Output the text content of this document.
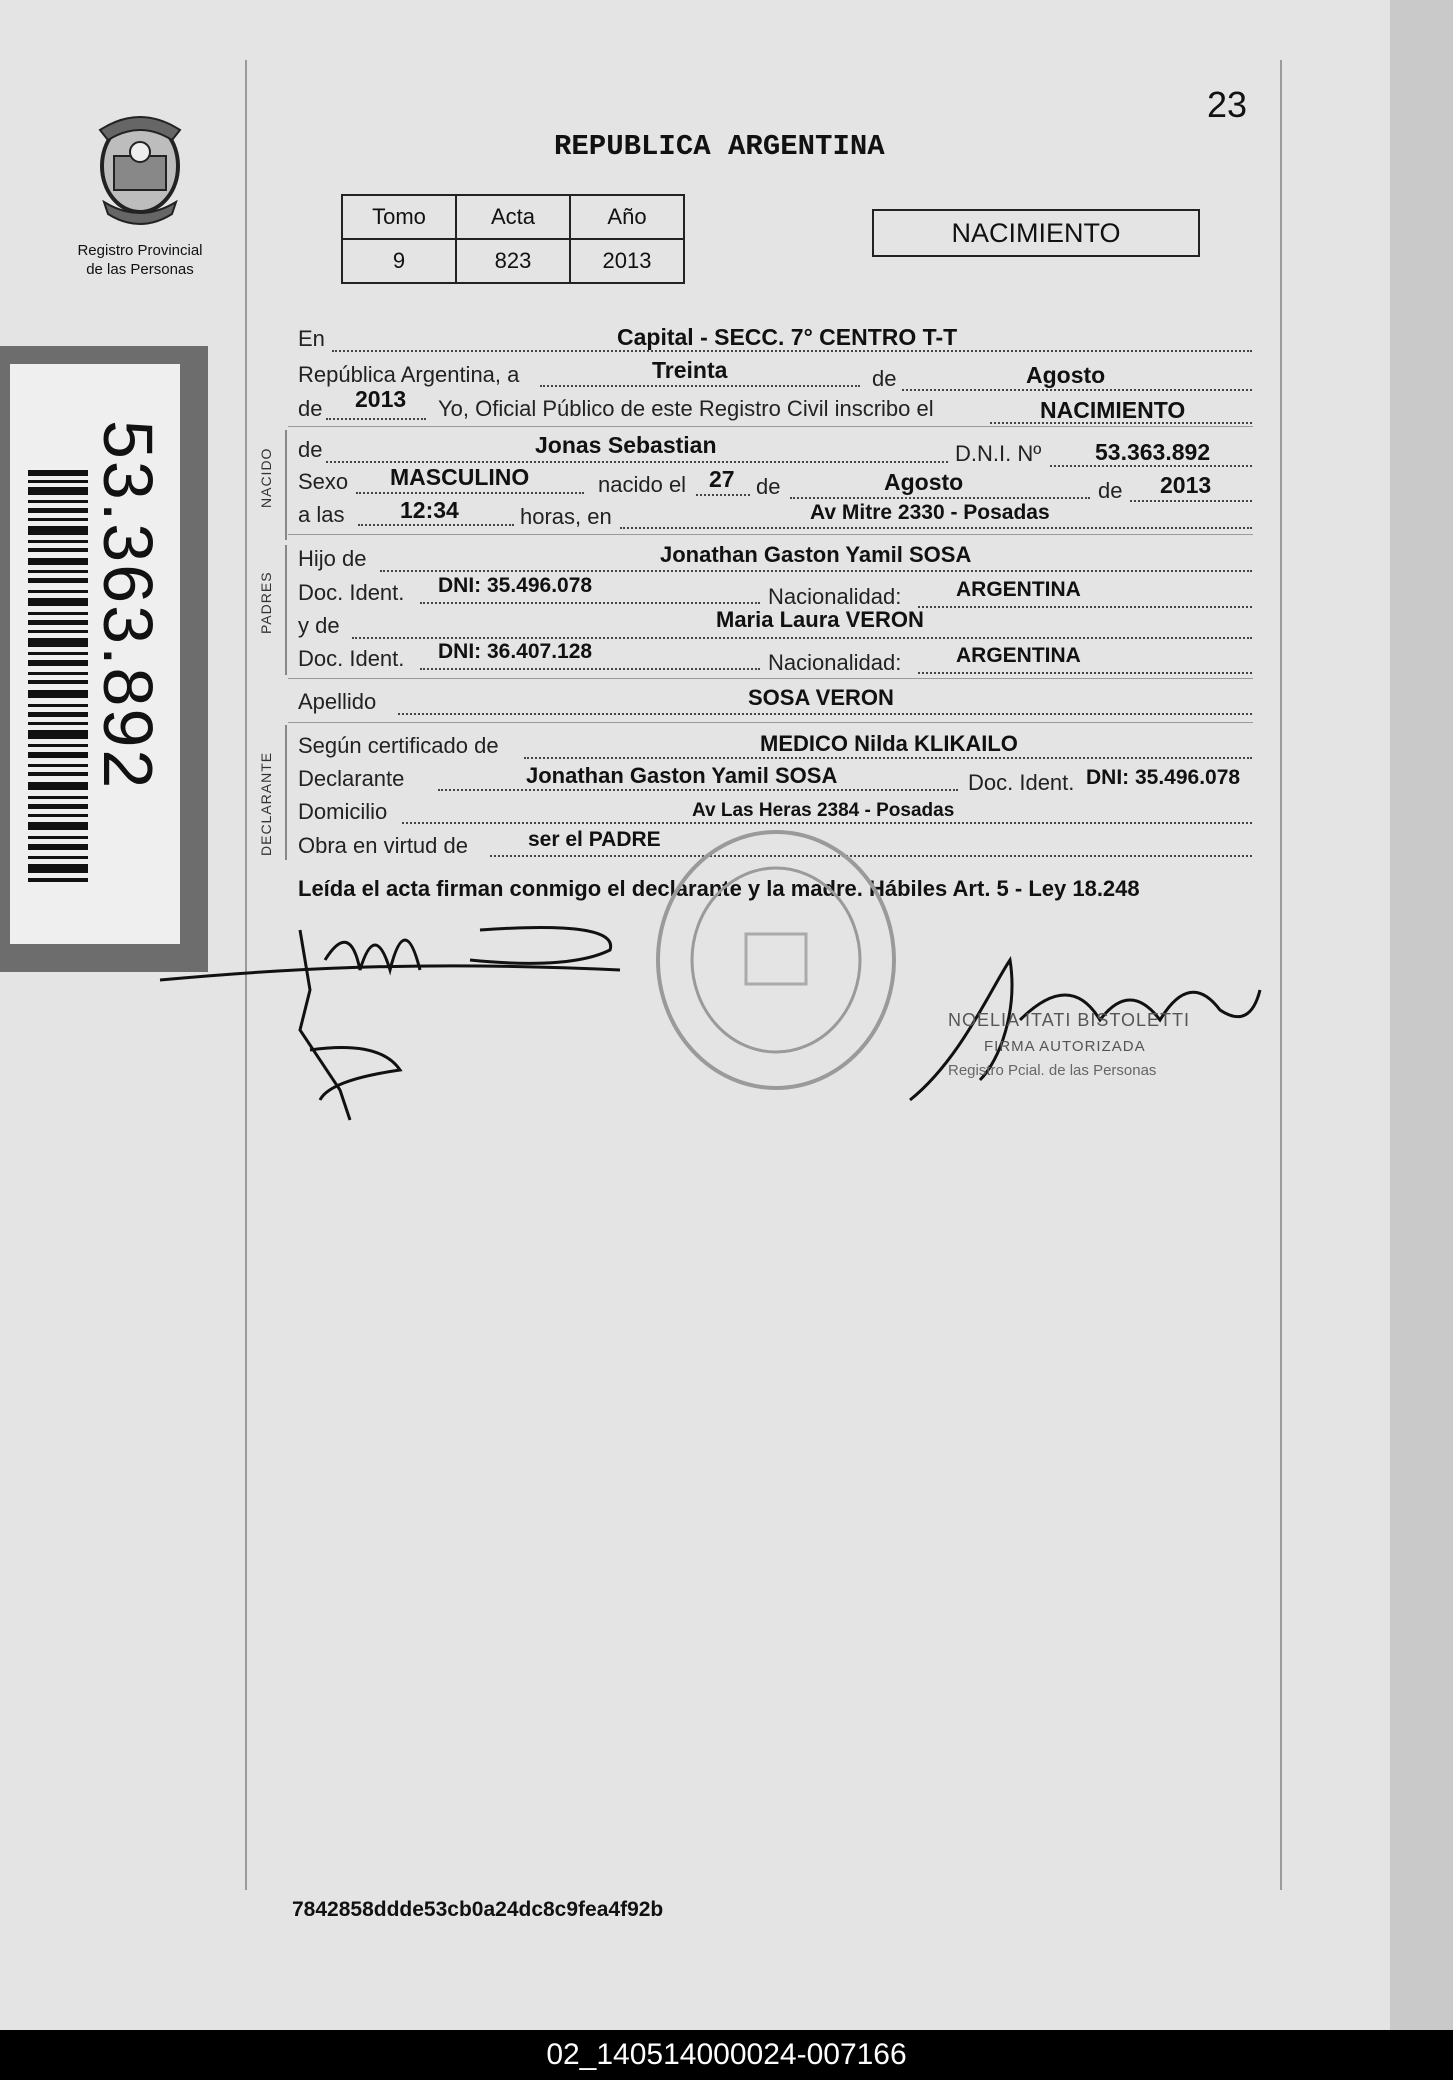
Registro Provincial
de las Personas
53.363.892
REPUBLICA ARGENTINA
23
Tomo	Acta	Año
9	823	2013
NACIMIENTO
NACIDO
PADRES
DECLARANTE
En	Capital - SECC. 7° CENTRO T-T
República Argentina, a	Treinta	de	Agosto
de 2013 Yo, Oficial Público de este Registro Civil inscribo el	NACIMIENTO
de	Jonas Sebastian	D.N.I. Nº 53.363.892
Sexo MASCULINO	nacido el 27 de	Agosto	de 2013
a las 12:34	horas, en	Av Mitre 2330 - Posadas
Hijo de	Jonathan Gaston Yamil SOSA
Doc. Ident. DNI: 35.496.078	Nacionalidad:	ARGENTINA
y de	Maria Laura VERON
Doc. Ident. DNI: 36.407.128	Nacionalidad:	ARGENTINA
Apellido	SOSA VERON
Según certificado de	MEDICO Nilda KLIKAILO
Declarante	Jonathan Gaston Yamil SOSA	Doc. Ident. DNI: 35.496.078
Domicilio	Av Las Heras 2384 - Posadas
Obra en virtud de	ser el PADRE
Leída el acta firman conmigo el declarante y la madre. Hábiles Art. 5 - Ley 18.248
NOELIA ITATI BISTOLETTI
FIRMA AUTORIZADA
Registro Pcial. de las Personas
7842858ddde53cb0a24dc8c9fea4f92b
02_140514000024-007166
